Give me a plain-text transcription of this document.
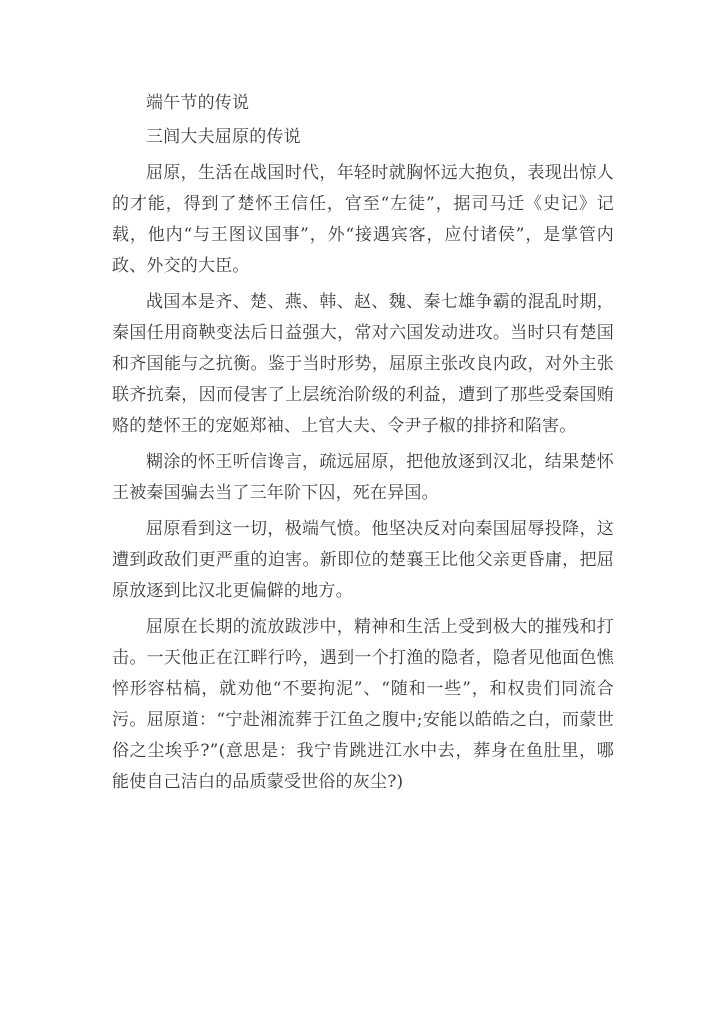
端午节的传说

三闾大夫屈原的传说

屈原，生活在战国时代，年轻时就胸怀远大抱负，表现出惊人的才能，得到了楚怀王信任，官至“左徒”，据司马迁《史记》记载，他内“与王图议国事”，外“接遇宾客，应付诸侯”，是掌管内政、外交的大臣。

战国本是齐、楚、燕、韩、赵、魏、秦七雄争霸的混乱时期，秦国任用商鞅变法后日益强大，常对六国发动进攻。当时只有楚国和齐国能与之抗衡。鉴于当时形势，屈原主张改良内政，对外主张联齐抗秦，因而侵害了上层统治阶级的利益，遭到了那些受秦国贿赂的楚怀王的宠姬郑袖、上官大夫、令尹子椒的排挤和陷害。

糊涂的怀王听信谗言，疏远屈原，把他放逐到汉北，结果楚怀王被秦国骗去当了三年阶下囚，死在异国。

屈原看到这一切，极端气愤。他坚决反对向秦国屈辱投降，这遭到政敌们更严重的迫害。新即位的楚襄王比他父亲更昏庸，把屈原放逐到比汉北更偏僻的地方。

屈原在长期的流放跋涉中，精神和生活上受到极大的摧残和打击。一天他正在江畔行吟，遇到一个打渔的隐者，隐者见他面色憔悴形容枯槁，就劝他“不要拘泥”、“随和一些”，和权贵们同流合污。屈原道：“宁赴湘流葬于江鱼之腹中;安能以皓皓之白，而蒙世俗之尘埃乎?”(意思是：我宁肯跳进江水中去，葬身在鱼肚里，哪能使自己洁白的品质蒙受世俗的灰尘?)
